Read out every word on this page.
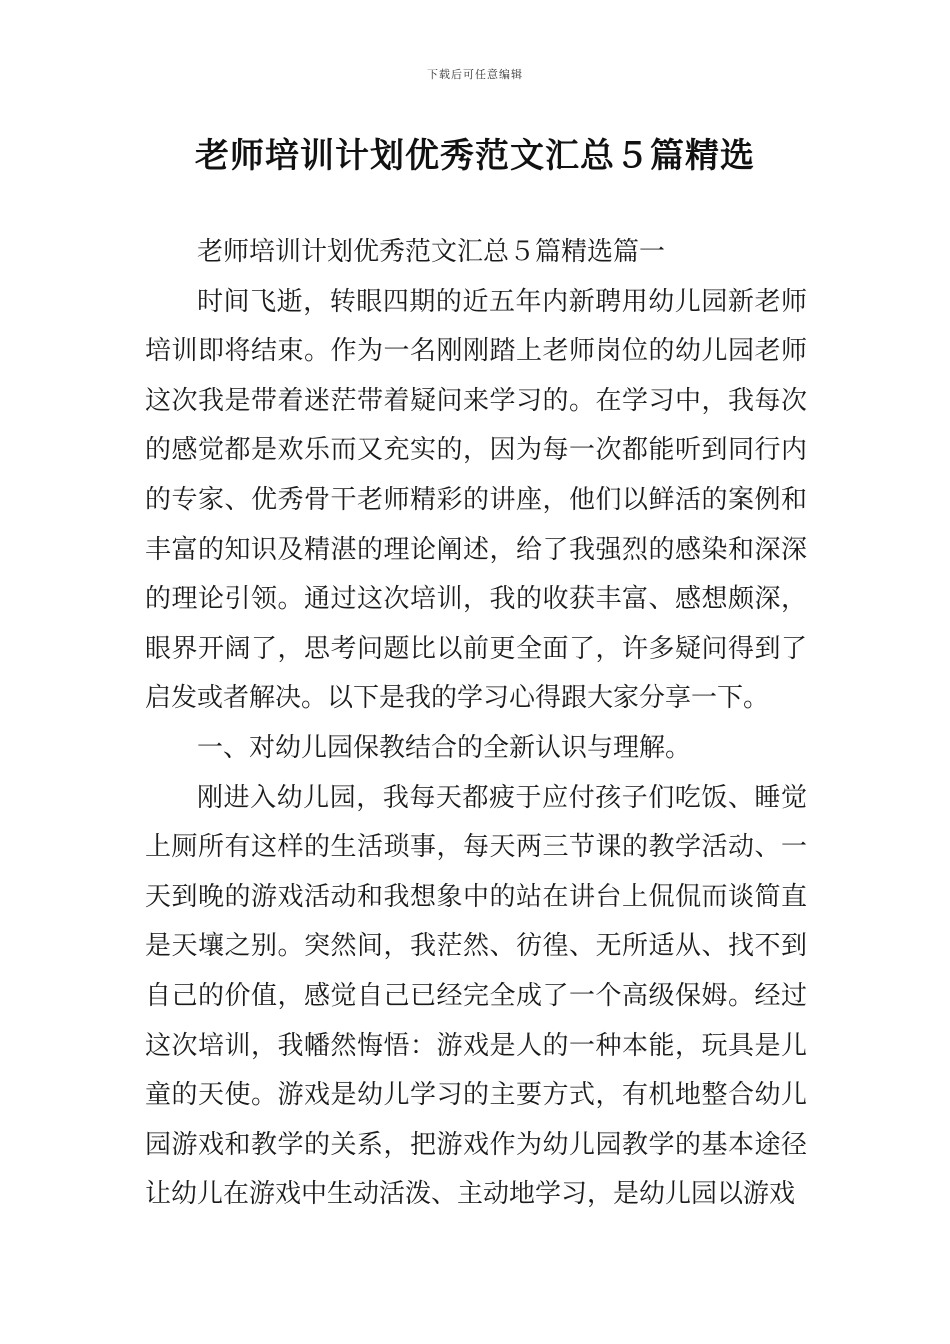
下载后可任意编辑
老师培训计划优秀范文汇总５篇精选

老师培训计划优秀范文汇总５篇精选篇一

时间飞逝，转眼四期的近五年内新聘用幼儿园新老师培训即将结束。作为一名刚刚踏上老师岗位的幼儿园老师这次我是带着迷茫带着疑问来学习的。在学习中，我每次的感觉都是欢乐而又充实的，因为每一次都能听到同行内的专家、优秀骨干老师精彩的讲座，他们以鲜活的案例和丰富的知识及精湛的理论阐述，给了我强烈的感染和深深的理论引领。通过这次培训，我的收获丰富、感想颇深，眼界开阔了，思考问题比以前更全面了，许多疑问得到了启发或者解决。以下是我的学习心得跟大家分享一下。

一、对幼儿园保教结合的全新认识与理解。

刚进入幼儿园，我每天都疲于应付孩子们吃饭、睡觉上厕所有这样的生活琐事，每天两三节课的教学活动、一天到晚的游戏活动和我想象中的站在讲台上侃侃而谈简直是天壤之别。突然间，我茫然、彷徨、无所适从、找不到自己的价值，感觉自己已经完全成了一个高级保姆。经过这次培训，我幡然悔悟：游戏是人的一种本能，玩具是儿童的天使。游戏是幼儿学习的主要方式，有机地整合幼儿园游戏和教学的关系，把游戏作为幼儿园教学的基本途径让幼儿在游戏中生动活泼、主动地学习，是幼儿园以游戏
